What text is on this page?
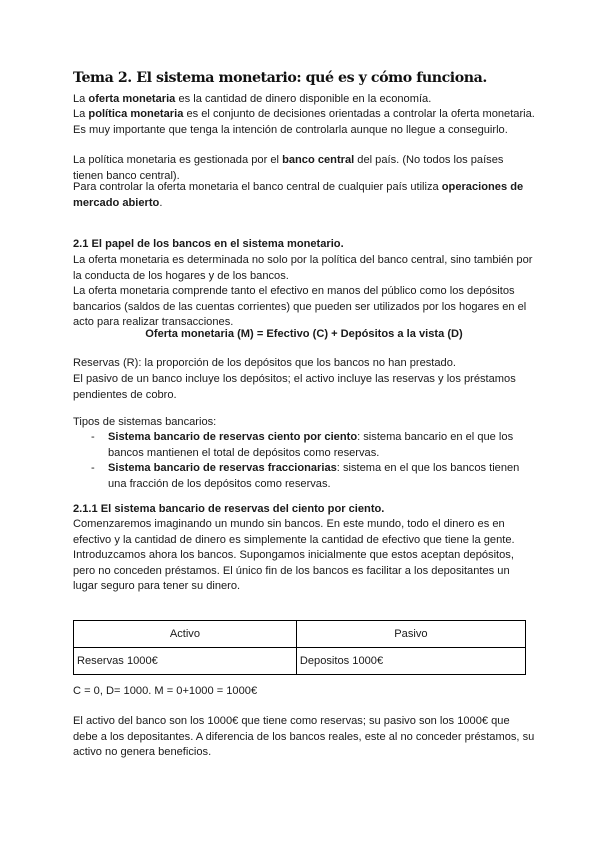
Tema 2. El sistema monetario: qué es y cómo funciona.
La oferta monetaria es la cantidad de dinero disponible en la economía.
La política monetaria es el conjunto de decisiones orientadas a controlar la oferta monetaria. Es muy importante que tenga la intención de controlarla aunque no llegue a conseguirlo.
La política monetaria es gestionada por el banco central del país. (No todos los países tienen banco central).
Para controlar la oferta monetaria el banco central de cualquier país utiliza operaciones de mercado abierto.
2.1 El papel de los bancos en el sistema monetario.
La oferta monetaria es determinada no solo por la política del banco central, sino también por la conducta de los hogares y de los bancos.
La oferta monetaria comprende tanto el efectivo en manos del público como los depósitos bancarios (saldos de las cuentas corrientes) que pueden ser utilizados por los hogares en el acto para realizar transacciones.
Oferta monetaria (M) = Efectivo (C) + Depósitos a la vista (D)
Reservas (R): la proporción de los depósitos que los bancos no han prestado.
El pasivo de un banco incluye los depósitos; el activo incluye las reservas y los préstamos pendientes de cobro.
Tipos de sistemas bancarios:
- Sistema bancario de reservas ciento por ciento: sistema bancario en el que los bancos mantienen el total de depósitos como reservas.
- Sistema bancario de reservas fraccionarias: sistema en el que los bancos tienen una fracción de los depósitos como reservas.
2.1.1 El sistema bancario de reservas del ciento por ciento.
Comenzaremos imaginando un mundo sin bancos. En este mundo, todo el dinero es en efectivo y la cantidad de dinero es simplemente la cantidad de efectivo que tiene la gente. Introduzcamos ahora los bancos. Supongamos inicialmente que estos aceptan depósitos, pero no conceden préstamos. El único fin de los bancos es facilitar a los depositantes un lugar seguro para tener su dinero.
Activo	Pasivo
Reservas 1000€	Depositos 1000€
C = 0, D= 1000. M = 0+1000 = 1000€
El activo del banco son los 1000€ que tiene como reservas; su pasivo son los 1000€ que debe a los depositantes. A diferencia de los bancos reales, este al no conceder préstamos, su activo no genera beneficios.
